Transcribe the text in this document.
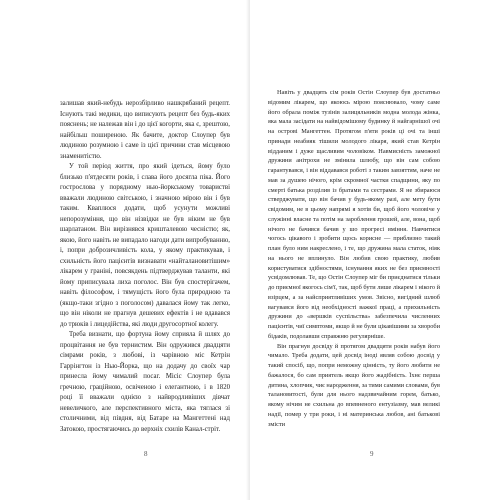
залишав який-небудь нерозбірливо нашкрябаний рецепт. Існують такі медики, що виписують рецепт без будь-яких пояснень; не належав він і до цієї когорти, яка є, зрештою, найбільш поширеною. Як бачите, доктор Слоупер був людиною розумною і саме із цієї причини став місцевою знаменитістю.

У той період життя, про який ідеться, йому було близько п'ятдесяти років, і слава його досягла піка. Його гостросл​ова у порядному нью-йоркському товаристві вважали людиною світською, і значною мірою він і був таким. Кваплюся додати, щоб усунути можливі непорозуміння, що він нізвідки не був ніким не був шарлатаном. Він вирізнявся кришталевою чесністю; як, якою, його навіть не випадало нагоди дати випробуванню, і, попри доброзичливість кола, у якому практикував, і схильність його пацієнтів визнавати «найталановитішим» лікарем у граніні, повсякдень підтверджував таланти, які йому приписувала лиха поголос. Він був спостерігачем, навіть філософом, і тямущість його була природною та (якщо-таки згідно з поголосом) давалася йому так легко, що він ніколи не прагнув дешевих ефектів і не вдавався до трюків і лицедійства, які люди другосортної колегу.

Треба визнати, що фортуна йому сприяла й шлях до процвітання не був тернистим. Він одружився двадцяти сімрами років, з любові, із чарівною міс Кетрін Гаррінгтон із Нью-Йорка, що на додачу до своїх чар принесла йому чималий посаг. Місіс Слоупер була гречною, граційною, освіченою і елегантною, і в 1820 році її вважали однією з найвродливіших дівчат невеличкого, але перспективного міста, яка тяглася зі столичними, від півдня, від Батаре на Мангеттені над Затокою, простягаючись до верхніх схилів Канал-стріт.

8

Навіть у двадцять сім років Остін Слоупер був достатньо відомим лікарем, що якоюсь мірою пояснювало, чому саме його обрала поміж тузінів залицяльників модна молода жінка, яка мала засідати на найвідомішому будинку й найгарнішої очі на острові Мангеттен. Протягом п'яти років ці очі та інші принади неабияк тішили молодого лікаря, який став Кетрін відданим і дуже щасливим чоловіком. Навмисність заможної дружини анітрохи не змінила шлюбу, що він сам собою гарантувався, і він віддавався роботі з таким завзяттям, наче не мав за душею нічого, крім скромної частки спадщини, яку по смерті батька розділив із братами та сестрами. Я не збираюся стверджувати, що він бачив у будь-якому разі, але мету бути свідомим, не в цьому напрямі я хотів би, щоб його чоловіче у служінні власне та потім на зароблення грошей, але, вона, щоб нічого не бачився бачив у шо прогресі вміння. Навчитися чогось цікавого і зробити щось корисне — приблизно такий план було ним накреслено, і те, що дружина мала статок, ніяк на нього не вплинуло. Він любив свою практику, любив користуватися здібностями, існування яких не без приємності усвідомлював. Те, що Остін Слоупер міг би приєднатися тільки до приємної якогось сім'ї, так, щоб бути лише лікарем і нікого й взірцем, а за найсприятливіших умов. Звісно, вигідний шлюб вагувався його від необхідності важкої праці, а прихильність дружини до «вершків суспільства» забезпечила численних пацієнтів, чиї симптоми, якщо й не були цікавішими за хвороби бідаків, подолавши справжню регулярніше.

Він прагнув досвіду й протягом двадцяти років набув його чимало. Треба додати, цей досвід іноді являв собою досвід у такий спосіб, що, попри неможну цінність, ту його любити не бажалося, бо сам приятель якщо його жадібність. Їхнє перша дитина, хлопчик, чиє народження, за тими самими словами, був талановитості, були для нього надзвичайним горем, батько, якому нічим не схильна до впевненого ентузіазму, мав великі надії, помер у три роки, і ні материнська любов, ані батькові змісти

9
